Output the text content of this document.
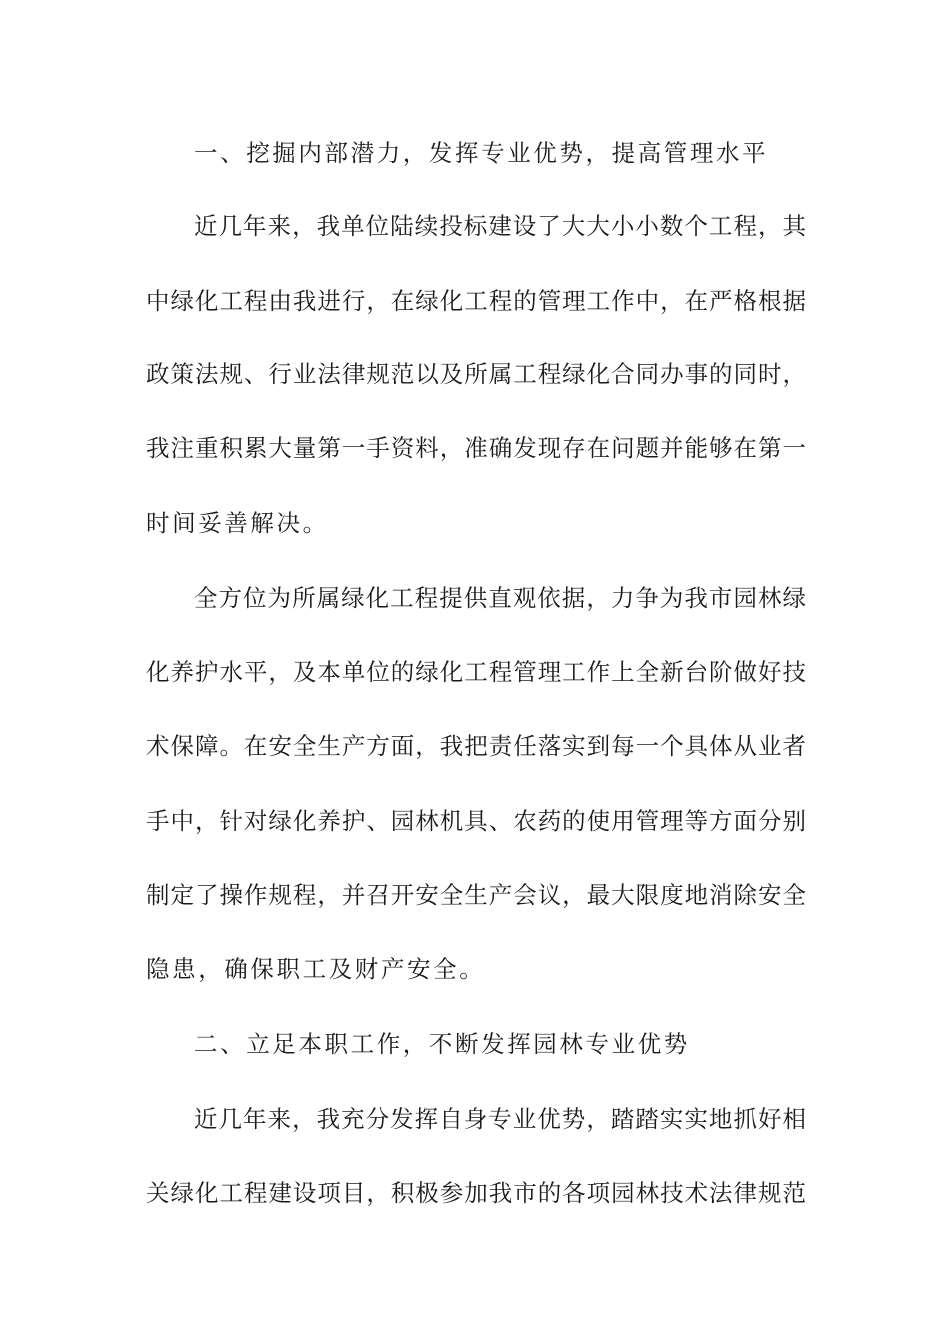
一、挖掘内部潜力，发挥专业优势，提高管理水平
近几年来，我单位陆续投标建设了大大小小数个工程，其
中绿化工程由我进行，在绿化工程的管理工作中，在严格根据
政策法规、行业法律规范以及所属工程绿化合同办事的同时，
我注重积累大量第一手资料，准确发现存在问题并能够在第一
时间妥善解决。
全方位为所属绿化工程提供直观依据，力争为我市园林绿
化养护水平，及本单位的绿化工程管理工作上全新台阶做好技
术保障。在安全生产方面，我把责任落实到每一个具体从业者
手中，针对绿化养护、园林机具、农药的使用管理等方面分别
制定了操作规程，并召开安全生产会议，最大限度地消除安全
隐患，确保职工及财产安全。
二、立足本职工作，不断发挥园林专业优势
近几年来，我充分发挥自身专业优势，踏踏实实地抓好相
关绿化工程建设项目，积极参加我市的各项园林技术法律规范
